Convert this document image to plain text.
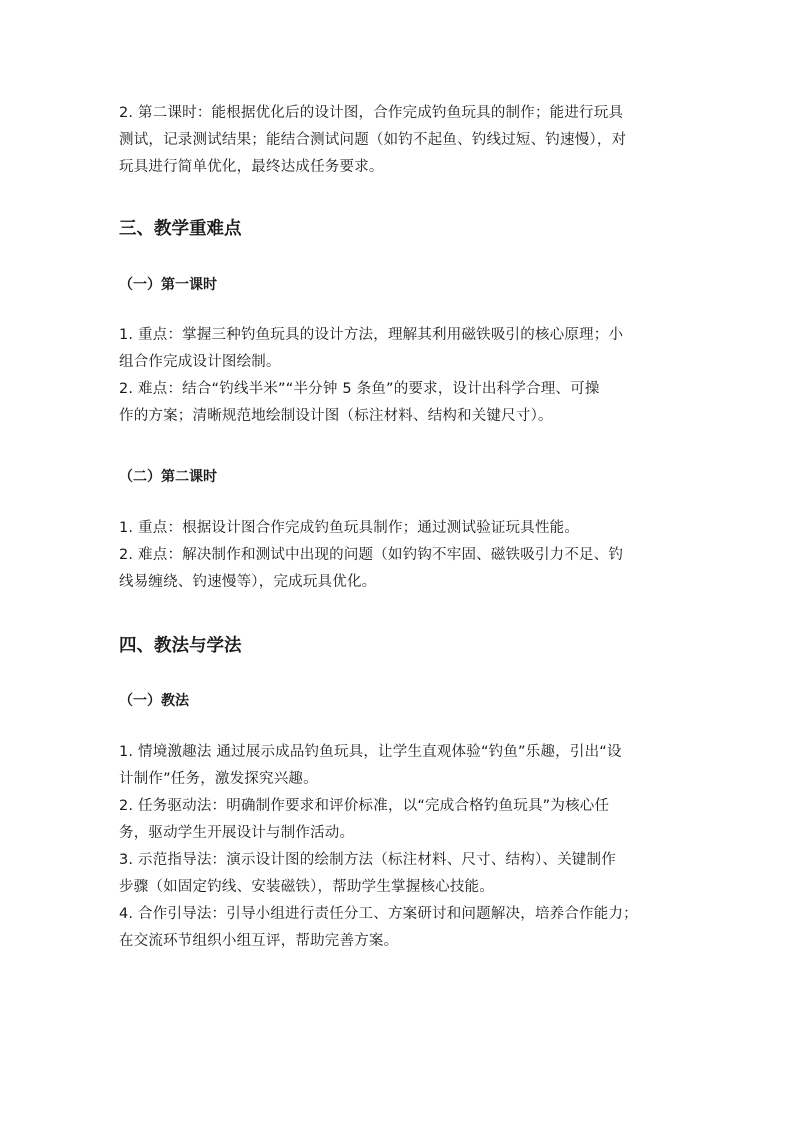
2. 第二课时：能根据优化后的设计图，合作完成钓鱼玩具的制作；能进行玩具
测试，记录测试结果；能结合测试问题（如钓不起鱼、钓线过短、钓速慢），对
玩具进行简单优化，最终达成任务要求。

三、教学重难点
（一）第一课时

1. 重点：掌握三种钓鱼玩具的设计方法，理解其利用磁铁吸引的核心原理；小
组合作完成设计图绘制。
2. 难点：结合“钓线半米”“半分钟 5 条鱼”的要求，设计出科学合理、可操
作的方案；清晰规范地绘制设计图（标注材料、结构和关键尺寸）。

（二）第二课时

1. 重点：根据设计图合作完成钓鱼玩具制作；通过测试验证玩具性能。
2. 难点：解决制作和测试中出现的问题（如钓钩不牢固、磁铁吸引力不足、钓
线易缠绕、钓速慢等），完成玩具优化。

四、教法与学法
（一）教法

1. 情境激趣法 通过展示成品钓鱼玩具，让学生直观体验“钓鱼”乐趣，引出“设
计制作”任务，激发探究兴趣。
2. 任务驱动法：明确制作要求和评价标准，以“完成合格钓鱼玩具”为核心任
务，驱动学生开展设计与制作活动。
3. 示范指导法：演示设计图的绘制方法（标注材料、尺寸、结构）、关键制作
步骤（如固定钓线、安装磁铁），帮助学生掌握核心技能。
4. 合作引导法：引导小组进行责任分工、方案研讨和问题解决，培养合作能力；
在交流环节组织小组互评，帮助完善方案。
